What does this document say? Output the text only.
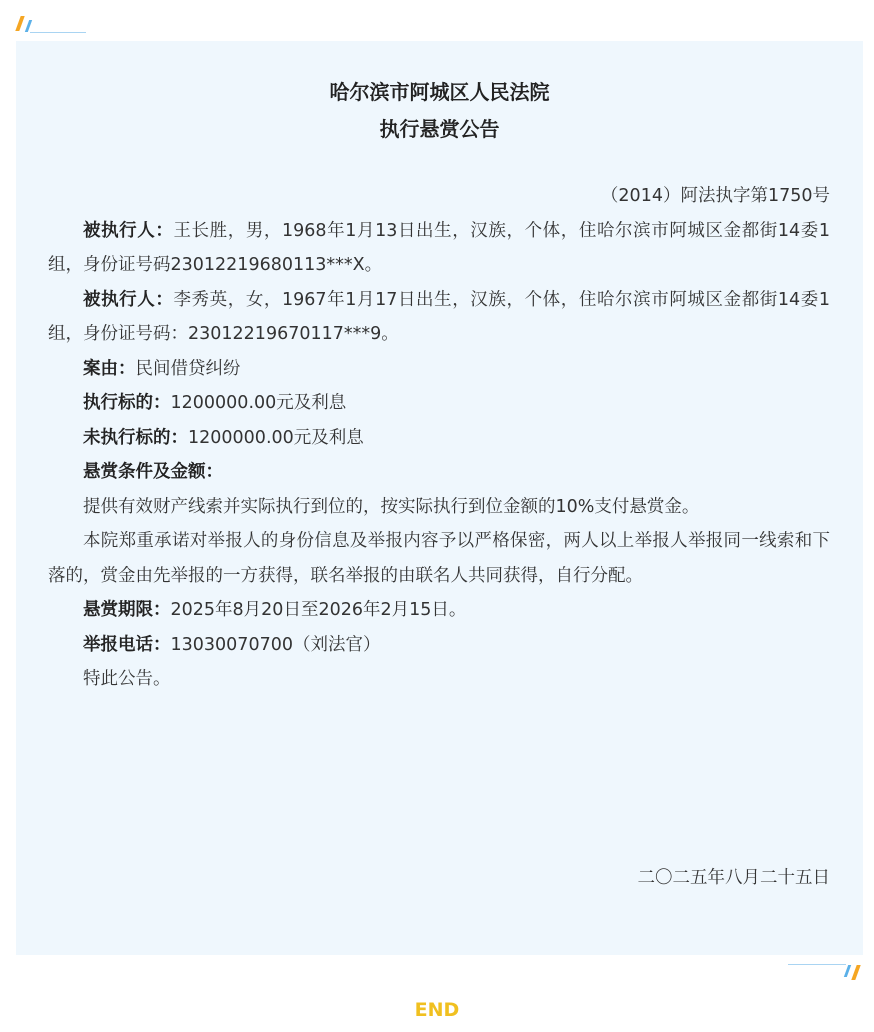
哈尔滨市阿城区人民法院
执行悬赏公告

（2014）阿法执字第1750号

被执行人：王长胜，男，1968年1月13日出生，汉族，个体，住哈尔滨市阿城区金都街14委1组，身份证号码2301221968011​3***X。

被执行人：李秀英，女，1967年1月17日出生，汉族，个体，住哈尔滨市阿城区金都街14委1组，身份证号码：23012219670117***9。

案由：民间借贷纠纷

执行标的：1200000.00元及利息

未执行标的：1200000.00元及利息

悬赏条件及金额：

提供有效财产线索并实际执行到位的，按实际执行到位金额的10%支付悬赏金。

本院郑重承诺对举报人的身份信息及举报内容予以严格保密，两人以上举报人举报同一线索和下落的，赏金由先举报的一方获得，联名举报的由联名人共同获得，自行分配。

悬赏期限：2025年8月20日至2026年2月15日。

举报电话：13030070700（刘法官）

特此公告。

二〇二五年八月二十五日
END
